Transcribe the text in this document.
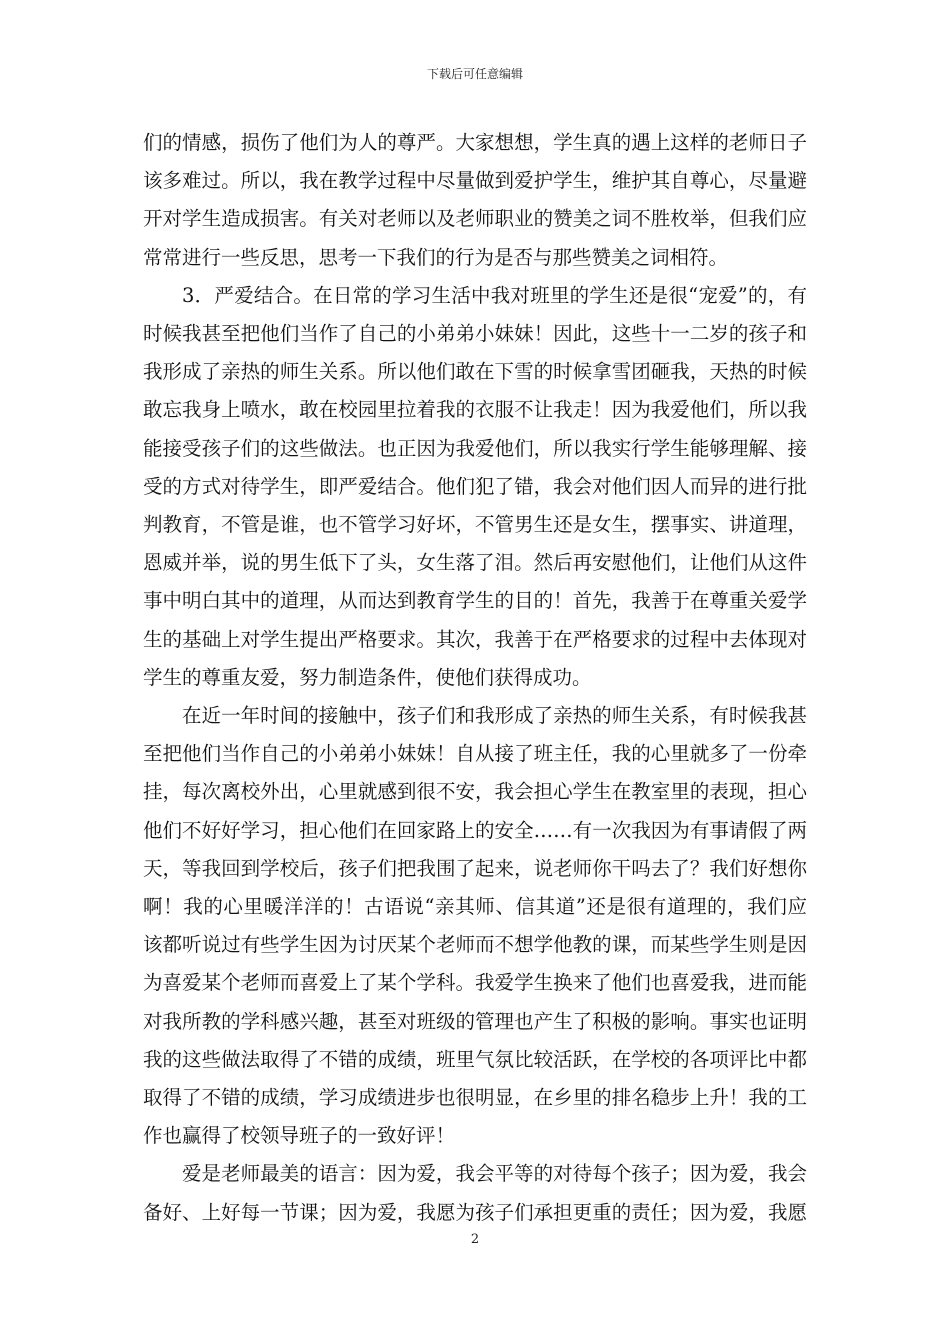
下载后可任意编辑

们的情感，损伤了他们为人的尊严。大家想想，学生真的遇上这样的老师日子
该多难过。所以，我在教学过程中尽量做到爱护学生，维护其自尊心，尽量避
开对学生造成损害。有关对老师以及老师职业的赞美之词不胜枚举，但我们应
常常进行一些反思，思考一下我们的行为是否与那些赞美之词相符。

3．严爱结合。在日常的学习生活中我对班里的学生还是很“宠爱”的，有
时候我甚至把他们当作了自己的小弟弟小妹妹！因此，这些十一二岁的孩子和
我形成了亲热的师生关系。所以他们敢在下雪的时候拿雪团砸我，天热的时候
敢忘我身上喷水，敢在校园里拉着我的衣服不让我走！因为我爱他们，所以我
能接受孩子们的这些做法。也正因为我爱他们，所以我实行学生能够理解、接
受的方式对待学生，即严爱结合。他们犯了错，我会对他们因人而异的进行批
判教育，不管是谁，也不管学习好坏，不管男生还是女生，摆事实、讲道理，
恩威并举，说的男生低下了头，女生落了泪。然后再安慰他们，让他们从这件
事中明白其中的道理，从而达到教育学生的目的！首先，我善于在尊重关爱学
生的基础上对学生提出严格要求。其次，我善于在严格要求的过程中去体现对
学生的尊重友爱，努力制造条件，使他们获得成功。

在近一年时间的接触中，孩子们和我形成了亲热的师生关系，有时候我甚
至把他们当作自己的小弟弟小妹妹！自从接了班主任，我的心里就多了一份牵
挂，每次离校外出，心里就感到很不安，我会担心学生在教室里的表现，担心
他们不好好学习，担心他们在回家路上的安全……有一次我因为有事请假了两
天，等我回到学校后，孩子们把我围了起来，说老师你干吗去了？我们好想你
啊！我的心里暖洋洋的！古语说“亲其师、信其道”还是很有道理的，我们应
该都听说过有些学生因为讨厌某个老师而不想学他教的课，而某些学生则是因
为喜爱某个老师而喜爱上了某个学科。我爱学生换来了他们也喜爱我，进而能
对我所教的学科感兴趣，甚至对班级的管理也产生了积极的影响。事实也证明
我的这些做法取得了不错的成绩，班里气氛比较活跃，在学校的各项评比中都
取得了不错的成绩，学习成绩进步也很明显，在乡里的排名稳步上升！我的工
作也赢得了校领导班子的一致好评！

爱是老师最美的语言：因为爱，我会平等的对待每个孩子；因为爱，我会
备好、上好每一节课；因为爱，我愿为孩子们承担更重的责任；因为爱，我愿

2
